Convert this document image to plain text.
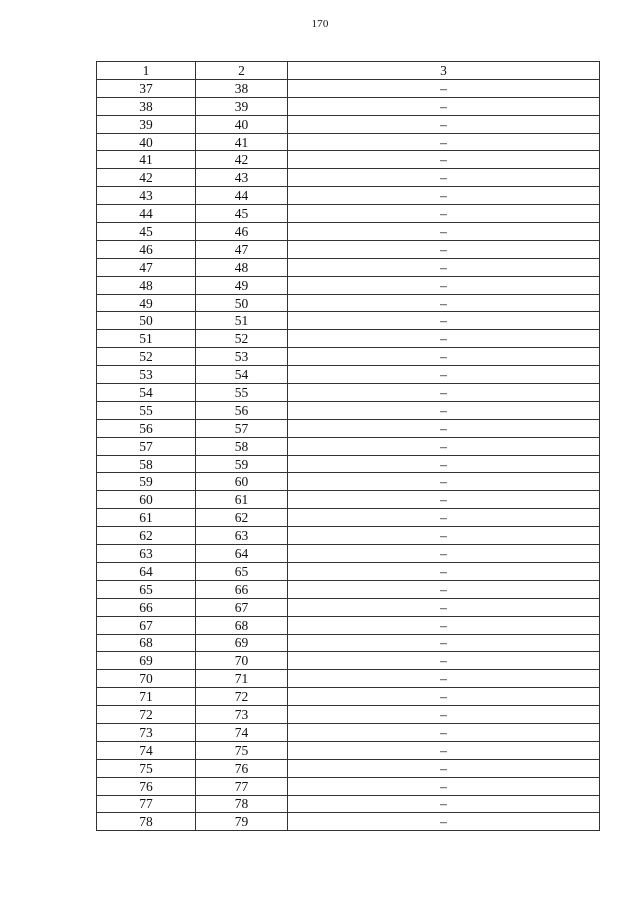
170
1	2	3
37	38	–
38	39	–
39	40	–
40	41	–
41	42	–
42	43	–
43	44	–
44	45	–
45	46	–
46	47	–
47	48	–
48	49	–
49	50	–
50	51	–
51	52	–
52	53	–
53	54	–
54	55	–
55	56	–
56	57	–
57	58	–
58	59	–
59	60	–
60	61	–
61	62	–
62	63	–
63	64	–
64	65	–
65	66	–
66	67	–
67	68	–
68	69	–
69	70	–
70	71	–
71	72	–
72	73	–
73	74	–
74	75	–
75	76	–
76	77	–
77	78	–
78	79	–
